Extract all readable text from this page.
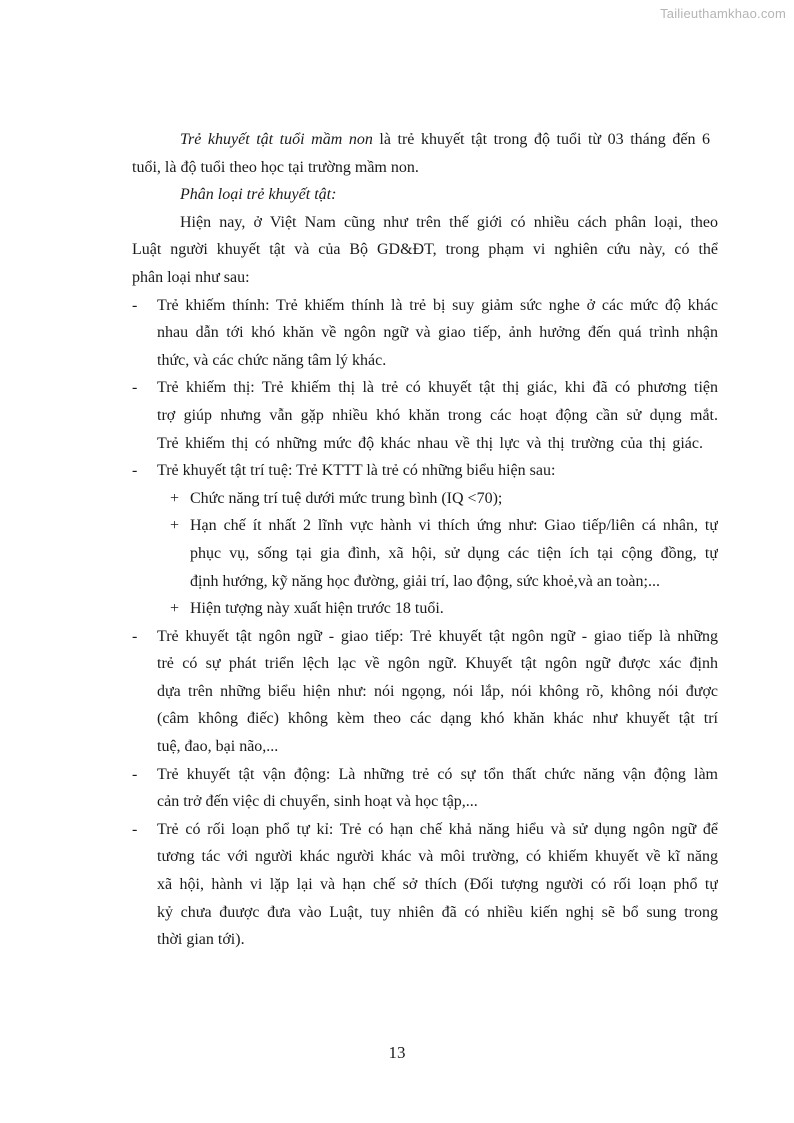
Tailieuthamkhao.com
Trẻ khuyết tật tuổi mầm non là trẻ khuyết tật trong độ tuổi từ 03 tháng đến 6
tuổi, là độ tuổi theo học tại trường mầm non.
Phân loại trẻ khuyết tật:
Hiện nay, ở Việt Nam cũng như trên thế giới có nhiều cách phân loại, theo
Luật người khuyết tật và của Bộ GD&ĐT, trong phạm vi nghiên cứu này, có thể
phân loại như sau:
- Trẻ khiếm thính: Trẻ khiếm thính là trẻ bị suy giảm sức nghe ở các mức độ khác
nhau dẫn tới khó khăn về ngôn ngữ và giao tiếp, ảnh hưởng đến quá trình nhận
thức, và các chức năng tâm lý khác.
- Trẻ khiếm thị: Trẻ khiếm thị là trẻ có khuyết tật thị giác, khi đã có phương tiện
trợ giúp nhưng vẫn gặp nhiều khó khăn trong các hoạt động cần sử dụng mắt.
Trẻ khiếm thị có những mức độ khác nhau về thị lực và thị trường của thị giác.
- Trẻ khuyết tật trí tuệ: Trẻ KTTT là trẻ có những biểu hiện sau:
+ Chức năng trí tuệ dưới mức trung bình (IQ <70);
+ Hạn chế ít nhất 2 lĩnh vực hành vi thích ứng như: Giao tiếp/liên cá nhân, tự
phục vụ, sống tại gia đình, xã hội, sử dụng các tiện ích tại cộng đồng, tự
định hướng, kỹ năng học đường, giải trí, lao động, sức khoẻ,và an toàn;...
+ Hiện tượng này xuất hiện trước 18 tuổi.
- Trẻ khuyết tật ngôn ngữ - giao tiếp: Trẻ khuyết tật ngôn ngữ - giao tiếp là những
trẻ có sự phát triển lệch lạc về ngôn ngữ. Khuyết tật ngôn ngữ được xác định
dựa trên những biểu hiện như: nói ngọng, nói lắp, nói không rõ, không nói được
(câm không điếc) không kèm theo các dạng khó khăn khác như khuyết tật trí
tuệ, đao, bại não,...
- Trẻ khuyết tật vận động: Là những trẻ có sự tổn thất chức năng vận động làm
cản trở đến việc di chuyển, sinh hoạt và học tập,...
- Trẻ có rối loạn phổ tự kỉ: Trẻ có hạn chế khả năng hiểu và sử dụng ngôn ngữ để
tương tác với người khác người khác và môi trường, có khiếm khuyết về kĩ năng
xã hội, hành vi lặp lại và hạn chế sở thích (Đối tượng người có rối loạn phổ tự
kỷ chưa đuược đưa vào Luật, tuy nhiên đã có nhiều kiến nghị sẽ bổ sung trong
thời gian tới).
13
